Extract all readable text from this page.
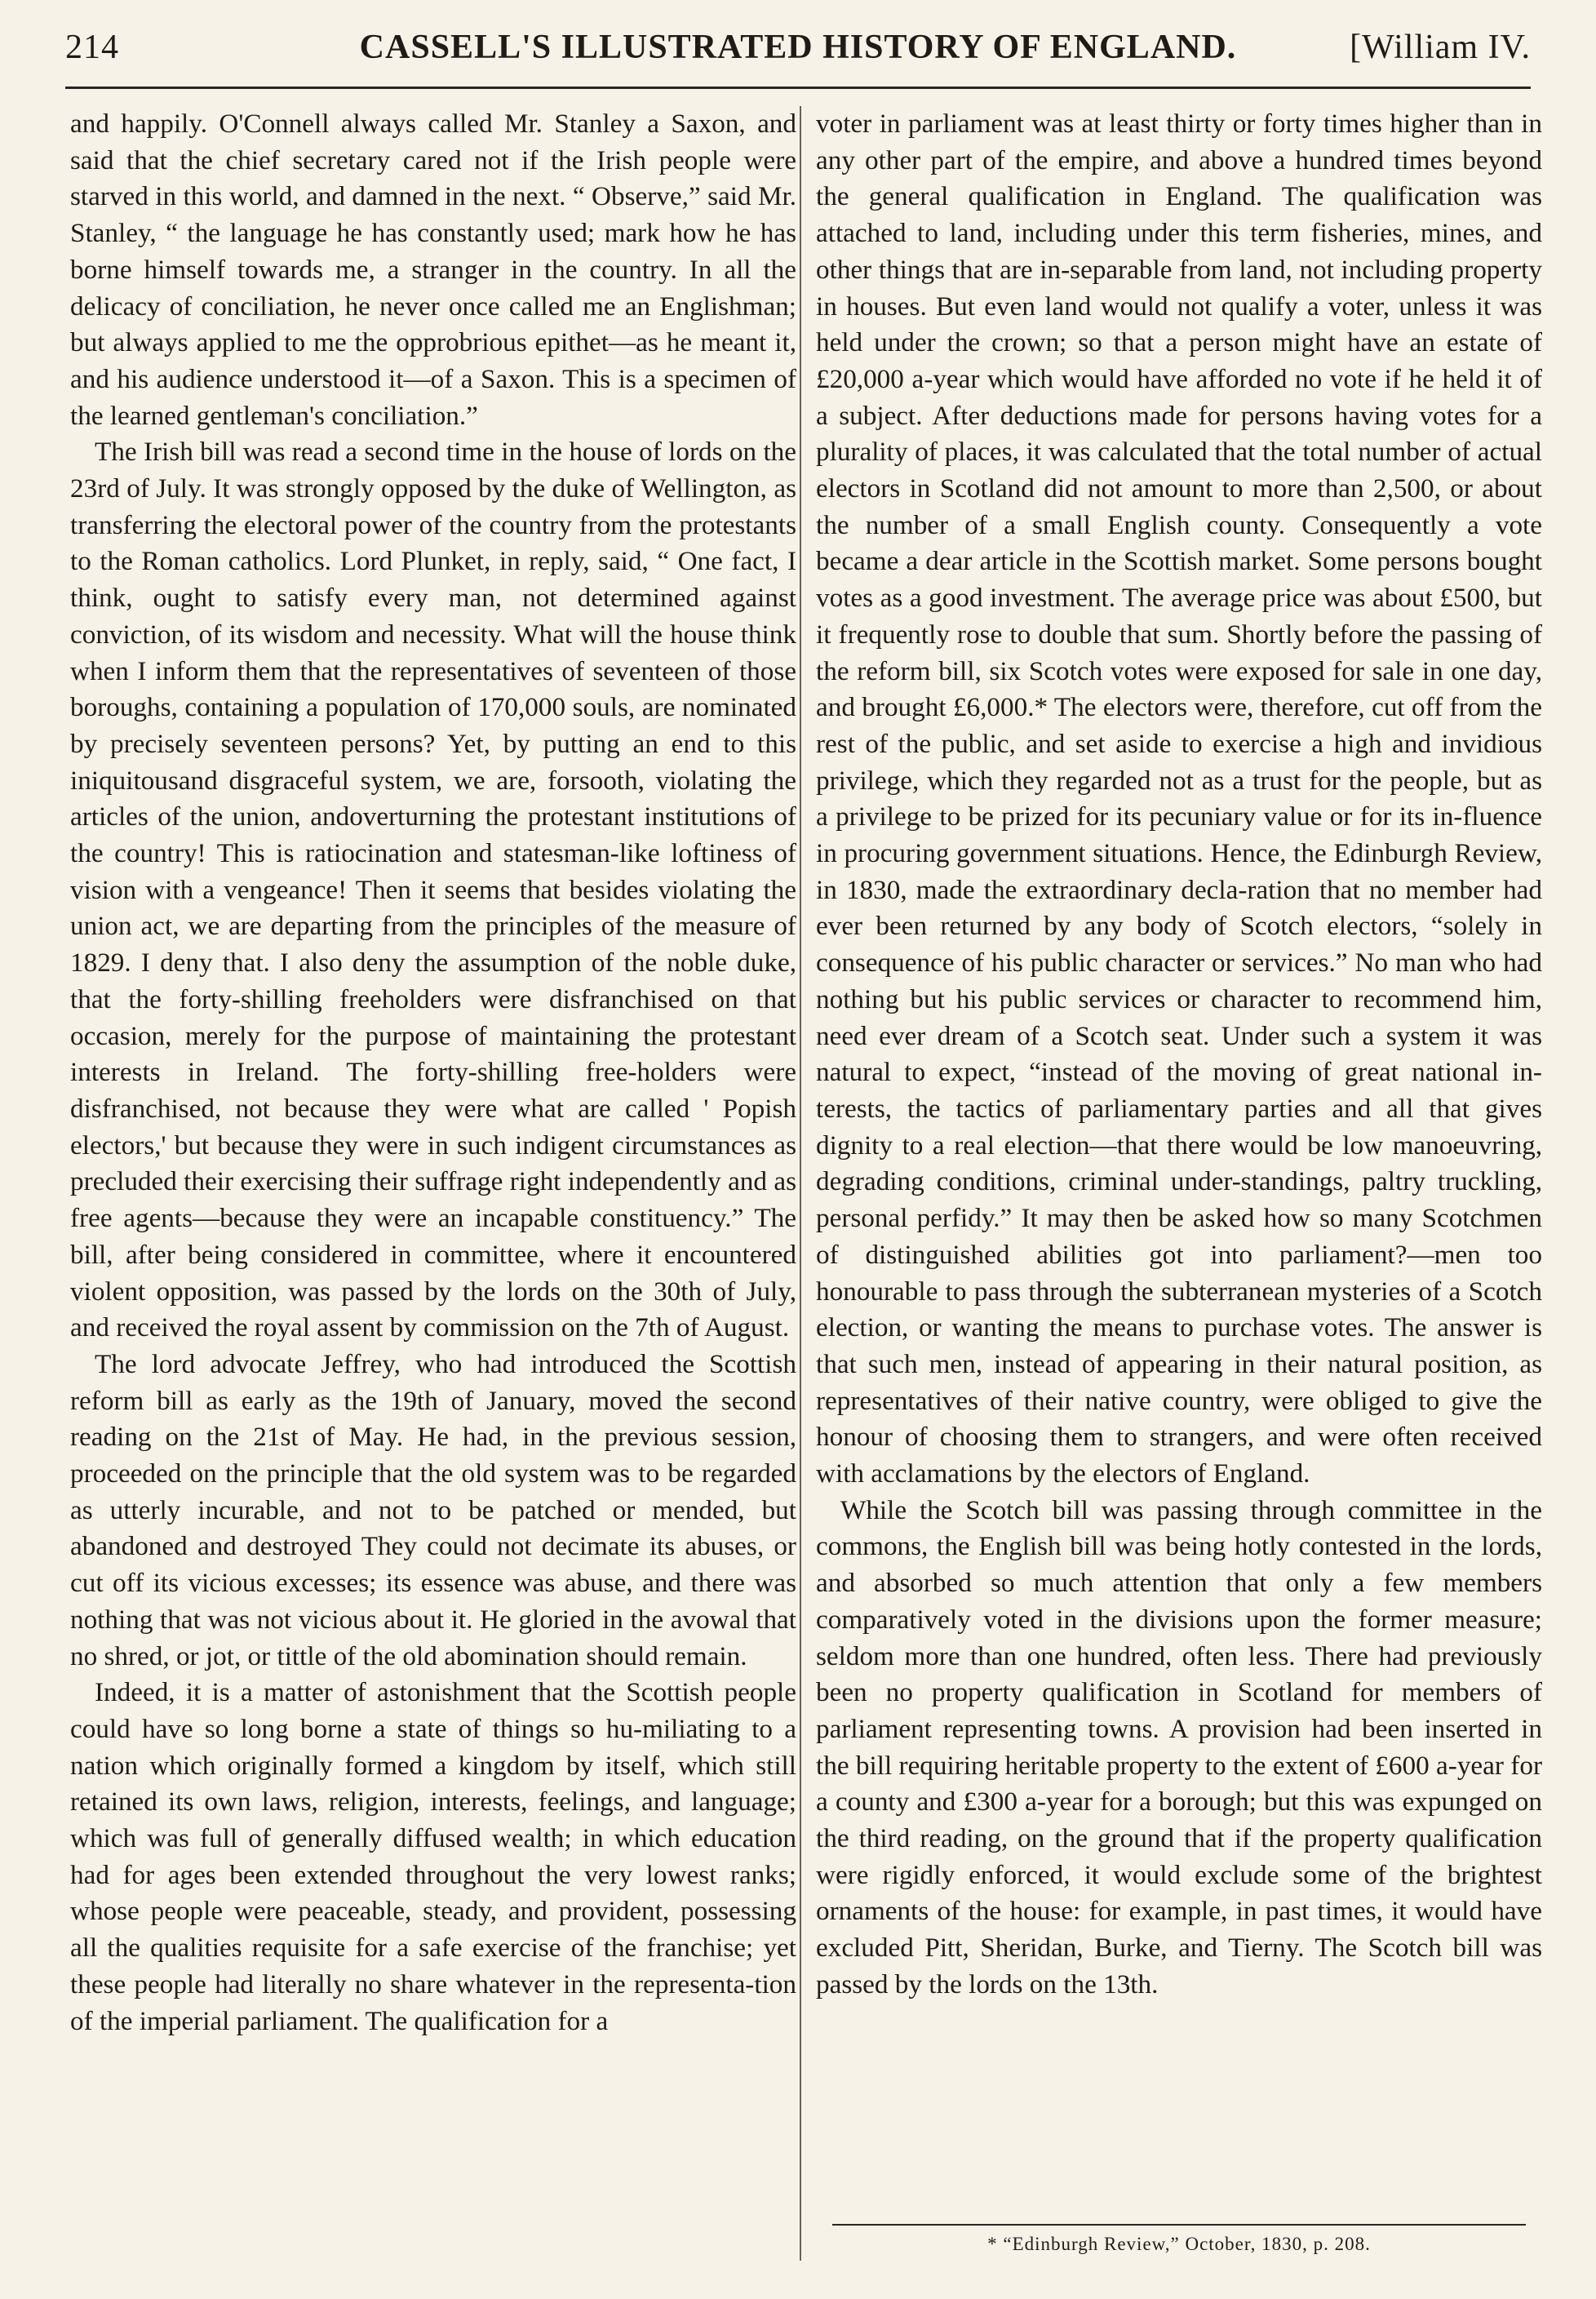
214	CASSELL'S ILLUSTRATED HISTORY OF ENGLAND.	[William IV.

and happily. O'Connell always called Mr. Stanley a Saxon, and said that the chief secretary cared not if the Irish people were starved in this world, and damned in the next. “ Observe,” said Mr. Stanley, “ the language he has constantly used; mark how he has borne himself towards me, a stranger in the country. In all the delicacy of conciliation, he never once called me an Englishman; but always applied to me the opprobrious epithet—as he meant it, and his audience understood it—of a Saxon. This is a specimen of the learned gentleman's conciliation.”

The Irish bill was read a second time in the house of lords on the 23rd of July. It was strongly opposed by the duke of Wellington, as transferring the electoral power of the country from the protestants to the Roman catholics. Lord Plunket, in reply, said, “ One fact, I think, ought to satisfy every man, not determined against conviction, of its wisdom and necessity. What will the house think when I inform them that the representatives of seventeen of those boroughs, containing a population of 170,000 souls, are nominated by precisely seventeen persons? Yet, by putting an end to this iniquitousand disgraceful system, we are, forsooth, violating the articles of the union, andoverturning the protestant institutions of the country! This is ratiocination and statesman-like loftiness of vision with a vengeance! Then it seems that besides violating the union act, we are departing from the principles of the measure of 1829. I deny that. I also deny the assumption of the noble duke, that the forty-shilling freeholders were disfranchised on that occasion, merely for the purpose of maintaining the protestant interests in Ireland. The forty-shilling free-holders were disfranchised, not because they were what are called ' Popish electors,' but because they were in such indigent circumstances as precluded their exercising their suffrage right independently and as free agents—because they were an incapable constituency.” The bill, after being considered in committee, where it encountered violent opposition, was passed by the lords on the 30th of July, and received the royal assent by commission on the 7th of August.

The lord advocate Jeffrey, who had introduced the Scottish reform bill as early as the 19th of January, moved the second reading on the 21st of May. He had, in the previous session, proceeded on the principle that the old system was to be regarded as utterly incurable, and not to be patched or mended, but abandoned and destroyed They could not decimate its abuses, or cut off its vicious excesses; its essence was abuse, and there was nothing that was not vicious about it. He gloried in the avowal that no shred, or jot, or tittle of the old abomination should remain.

Indeed, it is a matter of astonishment that the Scottish people could have so long borne a state of things so hu-miliating to a nation which originally formed a kingdom by itself, which still retained its own laws, religion, interests, feelings, and language; which was full of generally diffused wealth; in which education had for ages been extended throughout the very lowest ranks; whose people were peaceable, steady, and provident, possessing all the qualities requisite for a safe exercise of the franchise; yet these people had literally no share whatever in the representa-tion of the imperial parliament. The qualification for a

voter in parliament was at least thirty or forty times higher than in any other part of the empire, and above a hundred times beyond the general qualification in England. The qualification was attached to land, including under this term fisheries, mines, and other things that are in-separable from land, not including property in houses. But even land would not qualify a voter, unless it was held under the crown; so that a person might have an estate of £20,000 a-year which would have afforded no vote if he held it of a subject. After deductions made for persons having votes for a plurality of places, it was calculated that the total number of actual electors in Scotland did not amount to more than 2,500, or about the number of a small English county. Consequently a vote became a dear article in the Scottish market. Some persons bought votes as a good investment. The average price was about £500, but it frequently rose to double that sum. Shortly before the passing of the reform bill, six Scotch votes were exposed for sale in one day, and brought £6,000.* The electors were, therefore, cut off from the rest of the public, and set aside to exercise a high and invidious privilege, which they regarded not as a trust for the people, but as a privilege to be prized for its pecuniary value or for its in-fluence in procuring government situations. Hence, the Edinburgh Review, in 1830, made the extraordinary decla-ration that no member had ever been returned by any body of Scotch electors, “solely in consequence of his public character or services.” No man who had nothing but his public services or character to recommend him, need ever dream of a Scotch seat. Under such a system it was natural to expect, “instead of the moving of great national in-terests, the tactics of parliamentary parties and all that gives dignity to a real election—that there would be low manoeuvring, degrading conditions, criminal under-standings, paltry truckling, personal perfidy.” It may then be asked how so many Scotchmen of distinguished abilities got into parliament?—men too honourable to pass through the subterranean mysteries of a Scotch election, or wanting the means to purchase votes. The answer is that such men, instead of appearing in their natural position, as representatives of their native country, were obliged to give the honour of choosing them to strangers, and were often received with acclamations by the electors of England.

While the Scotch bill was passing through committee in the commons, the English bill was being hotly contested in the lords, and absorbed so much attention that only a few members comparatively voted in the divisions upon the former measure; seldom more than one hundred, often less. There had previously been no property qualification in Scotland for members of parliament representing towns. A provision had been inserted in the bill requiring heritable property to the extent of £600 a-year for a county and £300 a-year for a borough; but this was expunged on the third reading, on the ground that if the property qualification were rigidly enforced, it would exclude some of the brightest ornaments of the house: for example, in past times, it would have excluded Pitt, Sheridan, Burke, and Tierny. The Scotch bill was passed by the lords on the 13th.

* “Edinburgh Review,” October, 1830, p. 208.
